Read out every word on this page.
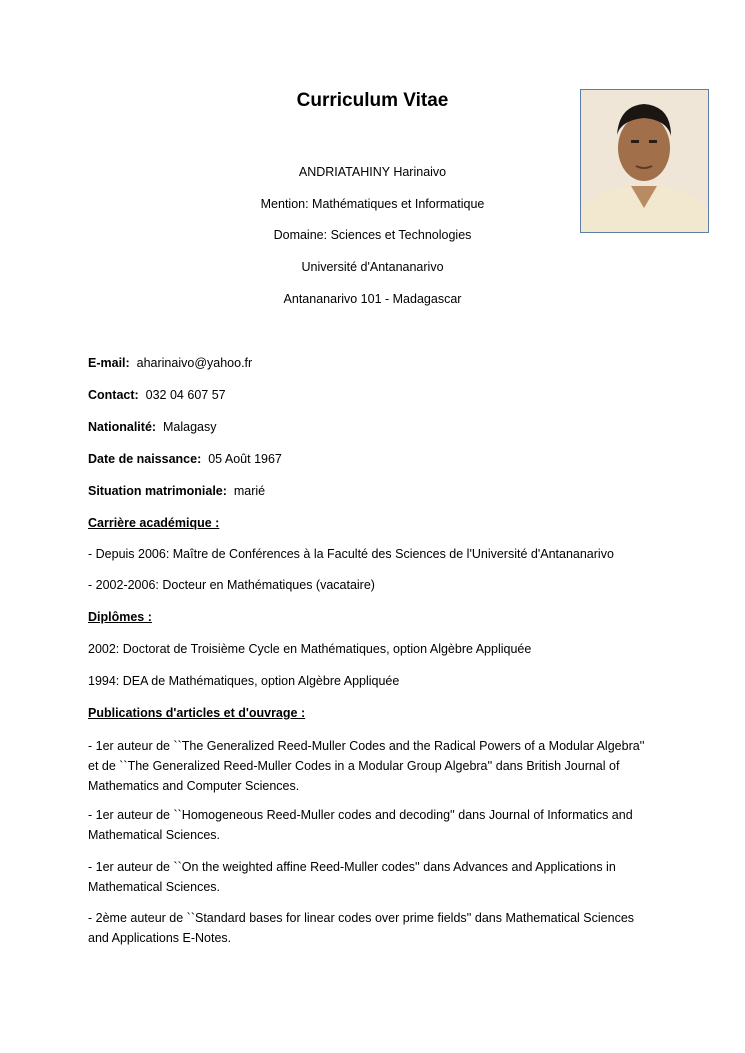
Curriculum Vitae
ANDRIATAHINY Harinaivo
Mention: Mathématiques et Informatique
Domaine: Sciences et Technologies
Université d'Antananarivo
Antananarivo 101 - Madagascar
E-mail: aharinaivo@yahoo.fr
Contact: 032 04 607 57
Nationalité: Malagasy
Date de naissance: 05 Août 1967
Situation matrimoniale: marié
Carrière académique :
- Depuis 2006: Maître de Conférences à la Faculté des Sciences de l'Université d'Antananarivo
- 2002-2006: Docteur en Mathématiques (vacataire)
Diplômes :
2002: Doctorat de Troisième Cycle en Mathématiques, option Algèbre Appliquée
1994: DEA de Mathématiques, option Algèbre Appliquée
Publications d'articles et d'ouvrage :
- 1er auteur de ``The Generalized Reed-Muller Codes and the Radical Powers of a Modular Algebra'' et de ``The Generalized Reed-Muller Codes in a Modular Group Algebra'' dans British Journal of Mathematics and Computer Sciences.
- 1er auteur de ``Homogeneous Reed-Muller codes and decoding'' dans Journal of Informatics and Mathematical Sciences.
- 1er auteur de ``On the weighted affine Reed-Muller codes'' dans Advances and Applications in Mathematical Sciences.
- 2ème auteur de ``Standard bases for linear codes over prime fields'' dans Mathematical Sciences and Applications E-Notes.
